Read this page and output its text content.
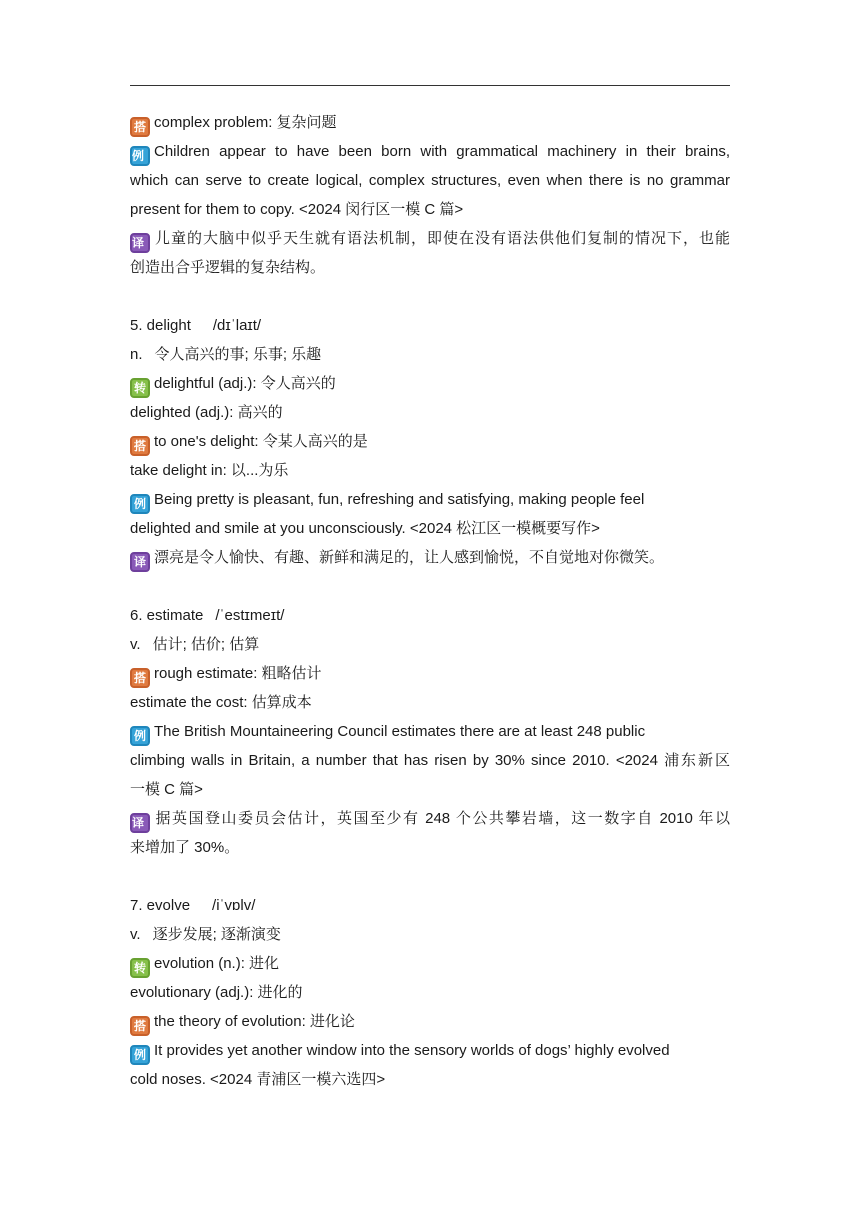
搭 complex problem: 复杂问题
例 Children appear to have been born with grammatical machinery in their brains,
which can serve to create logical, complex structures, even when there is no grammar
present for them to copy. <2024 闵行区一模 C 篇>
译 儿童的大脑中似乎天生就有语法机制，即使在没有语法供他们复制的情况下，也能
创造出合乎逻辑的复杂结构。
5. delight /dɪˈlaɪt/
n. 令人高兴的事; 乐事; 乐趣
转 delightful (adj.): 令人高兴的
delighted (adj.): 高兴的
搭 to one's delight: 令某人高兴的是
take delight in: 以...为乐
例 Being pretty is pleasant, fun, refreshing and satisfying, making people feel
delighted and smile at you unconsciously. <2024 松江区一模概要写作>
译 漂亮是令人愉快、有趣、新鲜和满足的，让人感到愉悦，不自觉地对你微笑。
6. estimate /ˈestɪmeɪt/
v. 估计; 估价; 估算
搭 rough estimate: 粗略估计
estimate the cost: 估算成本
例 The British Mountaineering Council estimates there are at least 248 public
climbing walls in Britain, a number that has risen by 30% since 2010. <2024 浦东新区
一模 C 篇>
译 据英国登山委员会估计，英国至少有 248 个公共攀岩墙，这一数字自 2010 年以
来增加了 30%。
7. evolve /iˈvɒlv/
v. 逐步发展; 逐渐演变
转 evolution (n.): 进化
evolutionary (adj.): 进化的
搭 the theory of evolution: 进化论
例 It provides yet another window into the sensory worlds of dogs’ highly evolved
cold noses. <2024 青浦区一模六选四>
